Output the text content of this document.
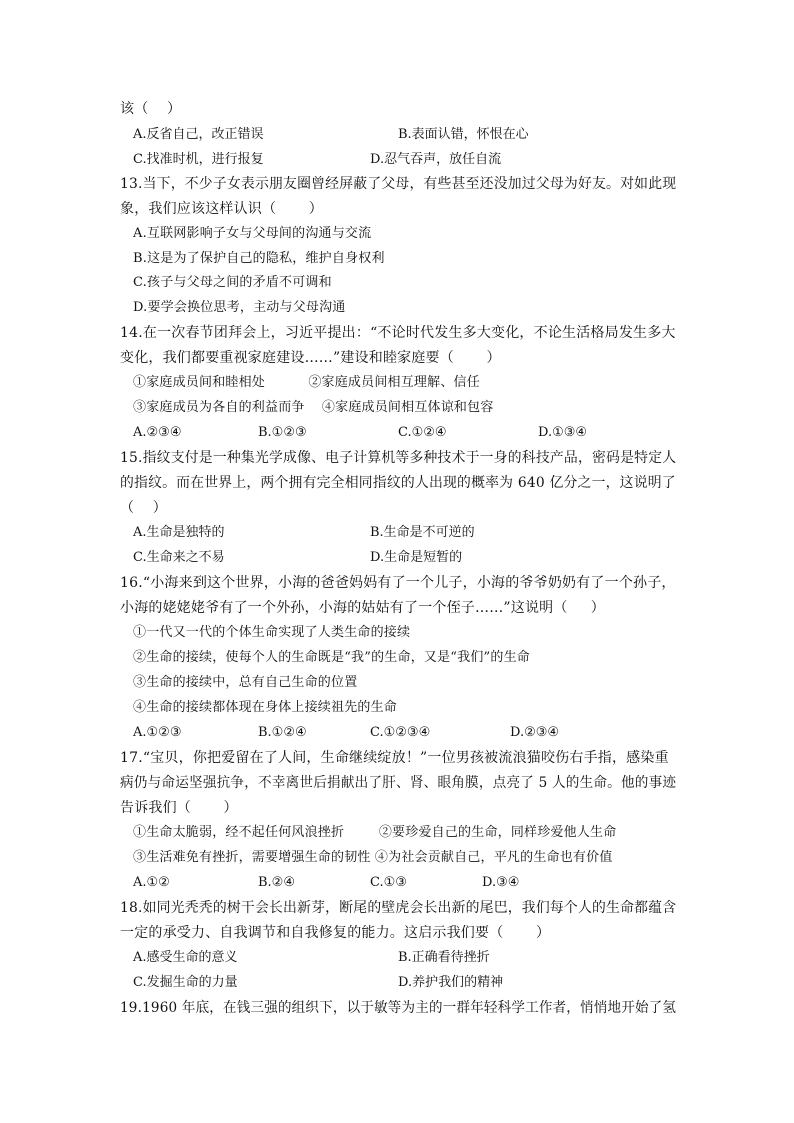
该（    ）
A.反省自己，改正错误	B.表面认错，怀恨在心
C.找准时机，进行报复	D.忍气吞声，放任自流
13.当下，不少子女表示朋友圈曾经屏蔽了父母，有些甚至还没加过父母为好友。对如此现
象，我们应该这样认识（       ）
A.互联网影响子女与父母间的沟通与交流
B.这是为了保护自己的隐私，维护自身权利
C.孩子与父母之间的矛盾不可调和
D.要学会换位思考，主动与父母沟通
14.在一次春节团拜会上，习近平提出：“不论时代发生多大变化，不论生活格局发生多大
变化，我们都要重视家庭建设……”建设和睦家庭要（       ）
①家庭成员间和睦相处          ②家庭成员间相互理解、信任
③家庭成员为各自的利益而争    ④家庭成员间相互体谅和包容
A.②③④	B.①②③	C.①②④	D.①③④
15.指纹支付是一种集光学成像、电子计算机等多种技术于一身的科技产品，密码是特定人
的指纹。而在世界上，两个拥有完全相同指纹的人出现的概率为 640 亿分之一，这说明了
（    ）
A.生命是独特的	B.生命是不可逆的
C.生命来之不易	D.生命是短暂的
16.“小海来到这个世界，小海的爸爸妈妈有了一个儿子，小海的爷爷奶奶有了一个孙子，
小海的姥姥姥爷有了一个外孙，小海的姑姑有了一个侄子……”这说明（     ）
①一代又一代的个体生命实现了人类生命的接续
②生命的接续，使每个人的生命既是“我”的生命，又是“我们”的生命
③生命的接续中，总有自己生命的位置
④生命的接续都体现在身体上接续祖先的生命
A.①②③	B.①②④	C.①②③④	D.②③④
17.“宝贝，你把爱留在了人间，生命继续绽放！”一位男孩被流浪猫咬伤右手指，感染重
病仍与命运坚强抗争，不幸离世后捐献出了肝、肾、眼角膜，点亮了 5 人的生命。他的事迹
告诉我们（       ）
①生命太脆弱，经不起任何风浪挫折        ②要珍爱自己的生命，同样珍爱他人生命
③生活难免有挫折，需要增强生命的韧性 ④为社会贡献自己，平凡的生命也有价值
A.①②	B.②④	C.①③	D.③④
18.如同光秃秃的树干会长出新芽，断尾的壁虎会长出新的尾巴，我们每个人的生命都蕴含
一定的承受力、自我调节和自我修复的能力。这启示我们要（       ）
A.感受生命的意义	B.正确看待挫折
C.发掘生命的力量	D.养护我们的精神
19.1960 年底，在钱三强的组织下，以于敏等为主的一群年轻科学工作者，悄悄地开始了氢
